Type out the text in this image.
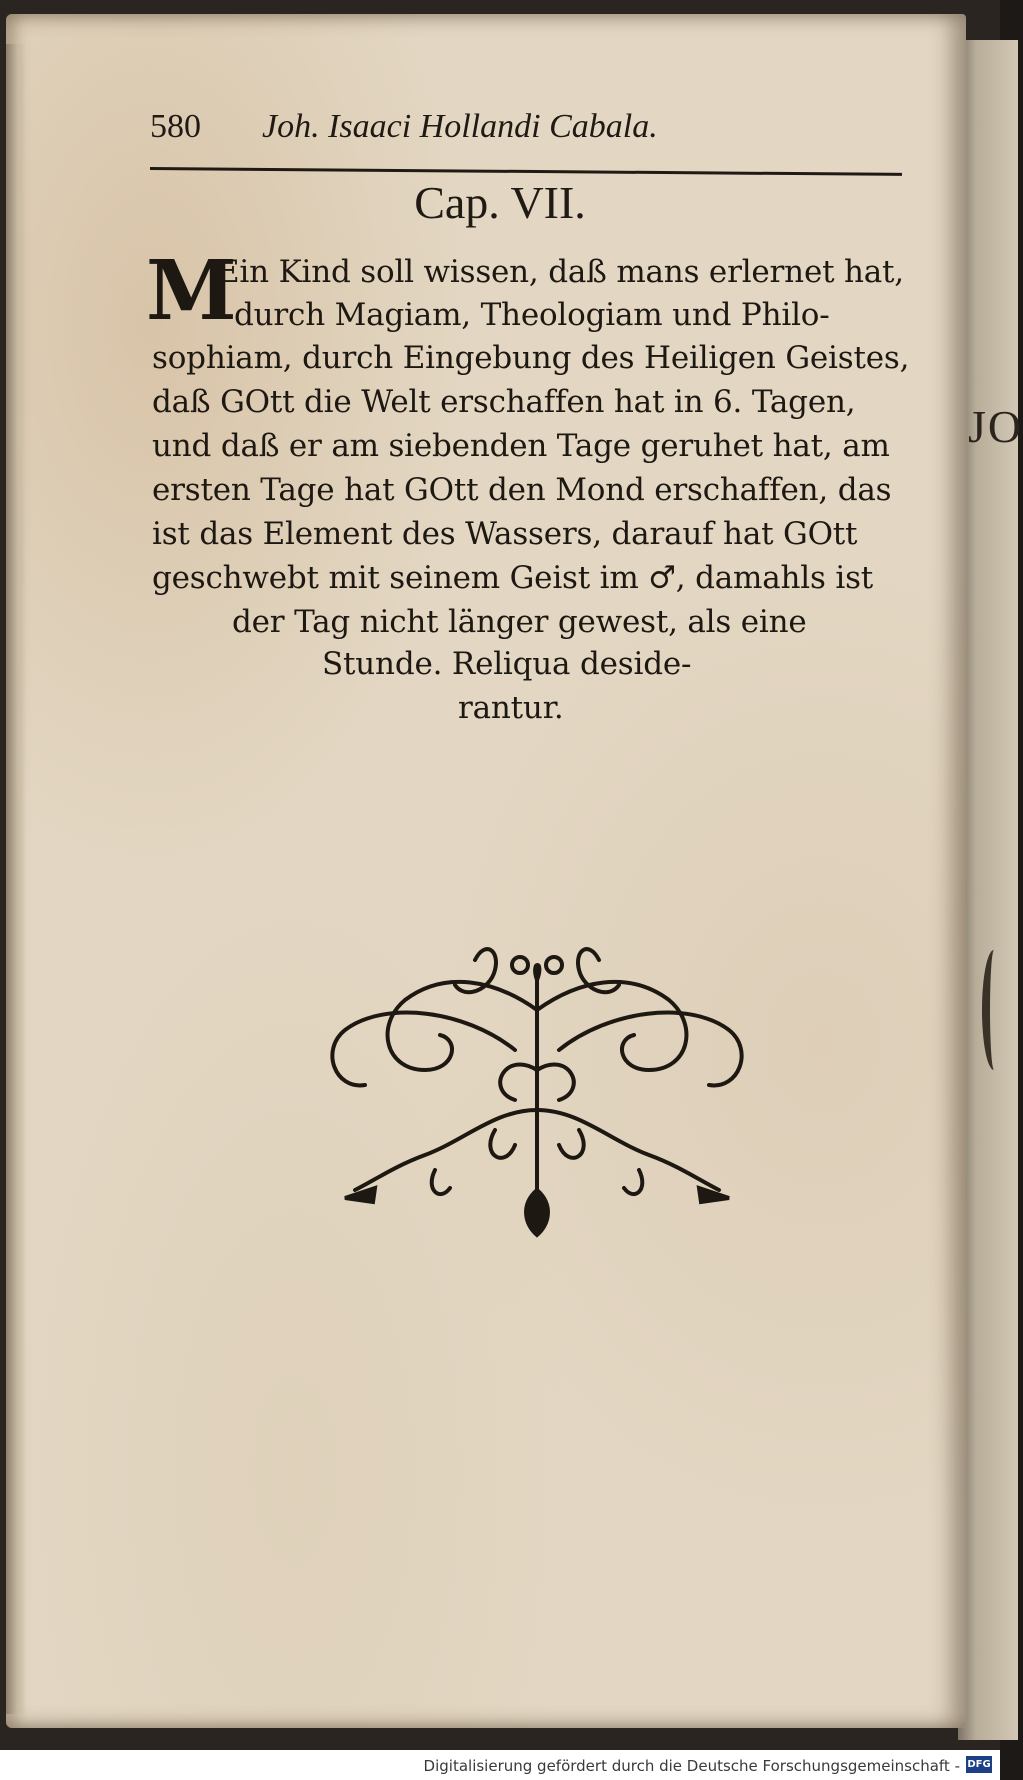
JO
580 Joh. Isaaci Hollandi Cabala.
Cap. VII.
M
Ein Kind soll wissen, daß mans erlernet hat,
durch Magiam, Theologiam und Philo-
sophiam, durch Eingebung des Heiligen Geistes,
daß GOtt die Welt erschaffen hat in 6. Tagen,
und daß er am siebenden Tage geruhet hat, am
ersten Tage hat GOtt den Mond erschaffen, das
ist das Element des Wassers, darauf hat GOtt
geschwebt mit seinem Geist im ♂, damahls ist
der Tag nicht länger gewest, als eine
Stunde. Reliqua deside-
rantur.
Digitalisierung gefördert durch die Deutsche Forschungsgemeinschaft - DFG
